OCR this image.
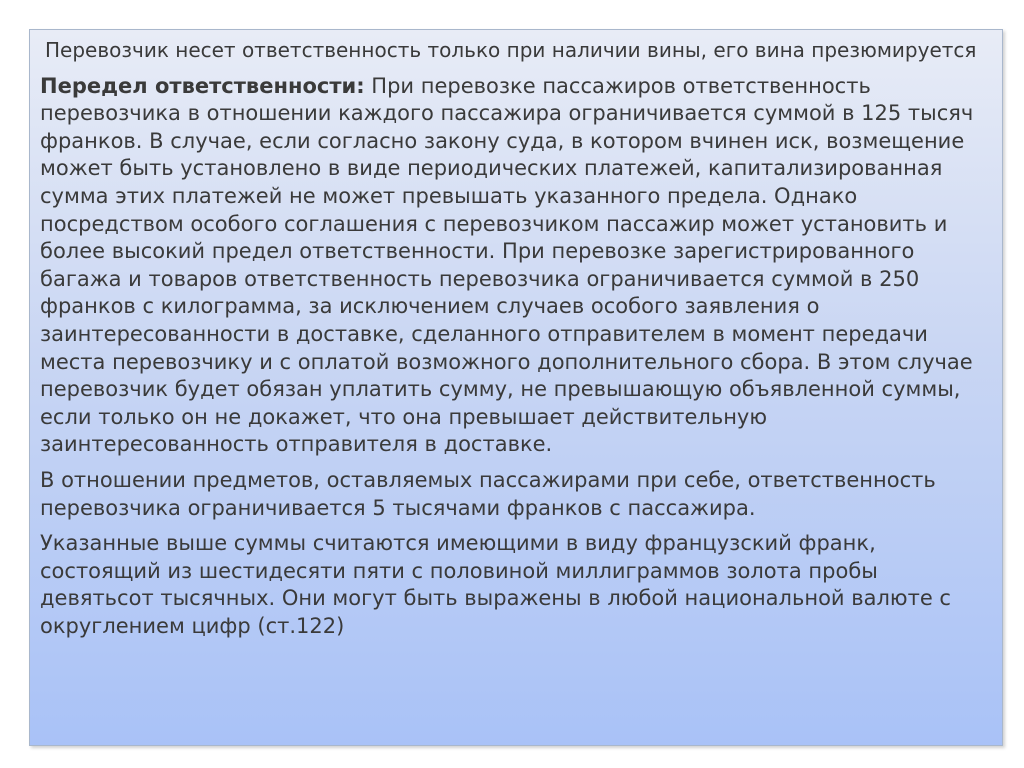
Перевозчик несет ответственность только при наличии вины, его вина презюмируется

Передел ответственности: При перевозке пассажиров ответственность перевозчика в отношении каждого пассажира ограничивается суммой в 125 тысяч франков. В случае, если согласно закону суда, в котором вчинен иск, возмещение может быть установлено в виде периодических платежей, капитализированная сумма этих платежей не может превышать указанного предела. Однако посредством особого соглашения с перевозчиком пассажир может установить и более высокий предел ответственности. При перевозке зарегистрированного багажа и товаров ответственность перевозчика ограничивается суммой в 250 франков с килограмма, за исключением случаев особого заявления о заинтересованности в доставке, сделанного отправителем в момент передачи места перевозчику и с оплатой возможного дополнительного сбора. В этом случае перевозчик будет обязан уплатить сумму, не превышающую объявленной суммы, если только он не докажет, что она превышает действительную заинтересованность отправителя в доставке.

В отношении предметов, оставляемых пассажирами при себе, ответственность перевозчика ограничивается 5 тысячами франков с пассажира.

Указанные выше суммы считаются имеющими в виду французский франк, состоящий из шестидесяти пяти с половиной миллиграммов золота пробы девятьсот тысячных. Они могут быть выражены в любой национальной валюте с округлением цифр (ст.122)
